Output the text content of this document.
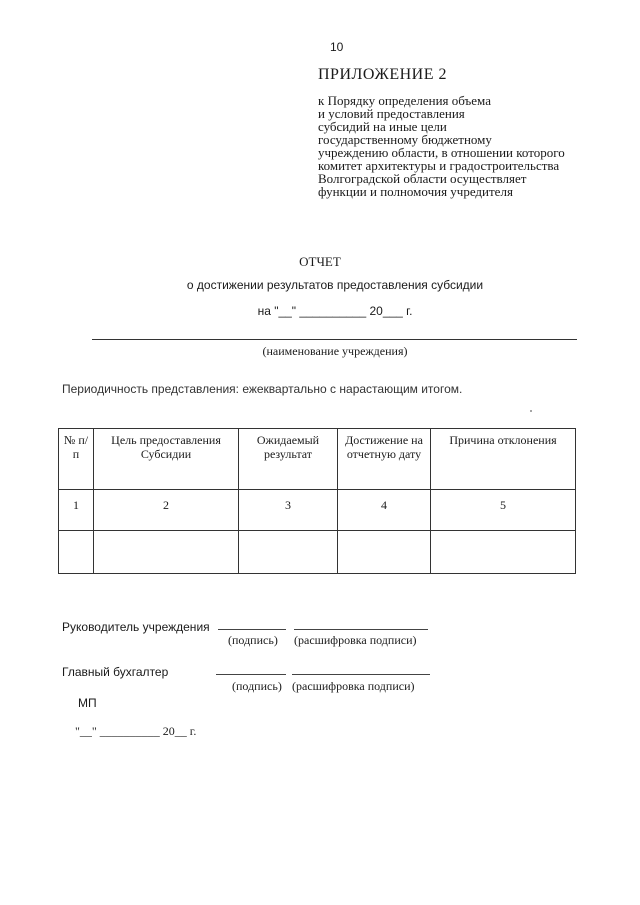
10
ПРИЛОЖЕНИЕ 2
к Порядку определения объема
и условий предоставления
субсидий на иные цели
государственному бюджетному
учреждению области, в отношении которого
комитет архитектуры и градостроительства
Волгоградской области осуществляет
функции и полномочия учредителя
ОТЧЕТ
о достижении результатов предоставления субсидии
на "__" __________ 20___ г.
(наименование учреждения)
Периодичность представления: ежеквартально с нарастающим итогом.
№ п/п	Цель предоставления Субсидии	Ожидаемый результат	Достижение на отчетную дату	Причина отклонения
1	2	3	4	5

Руководитель учреждения
(подпись) (расшифровка подписи)
Главный бухгалтер
(подпись) (расшифровка подписи)
МП
"__" __________ 20__ г.
